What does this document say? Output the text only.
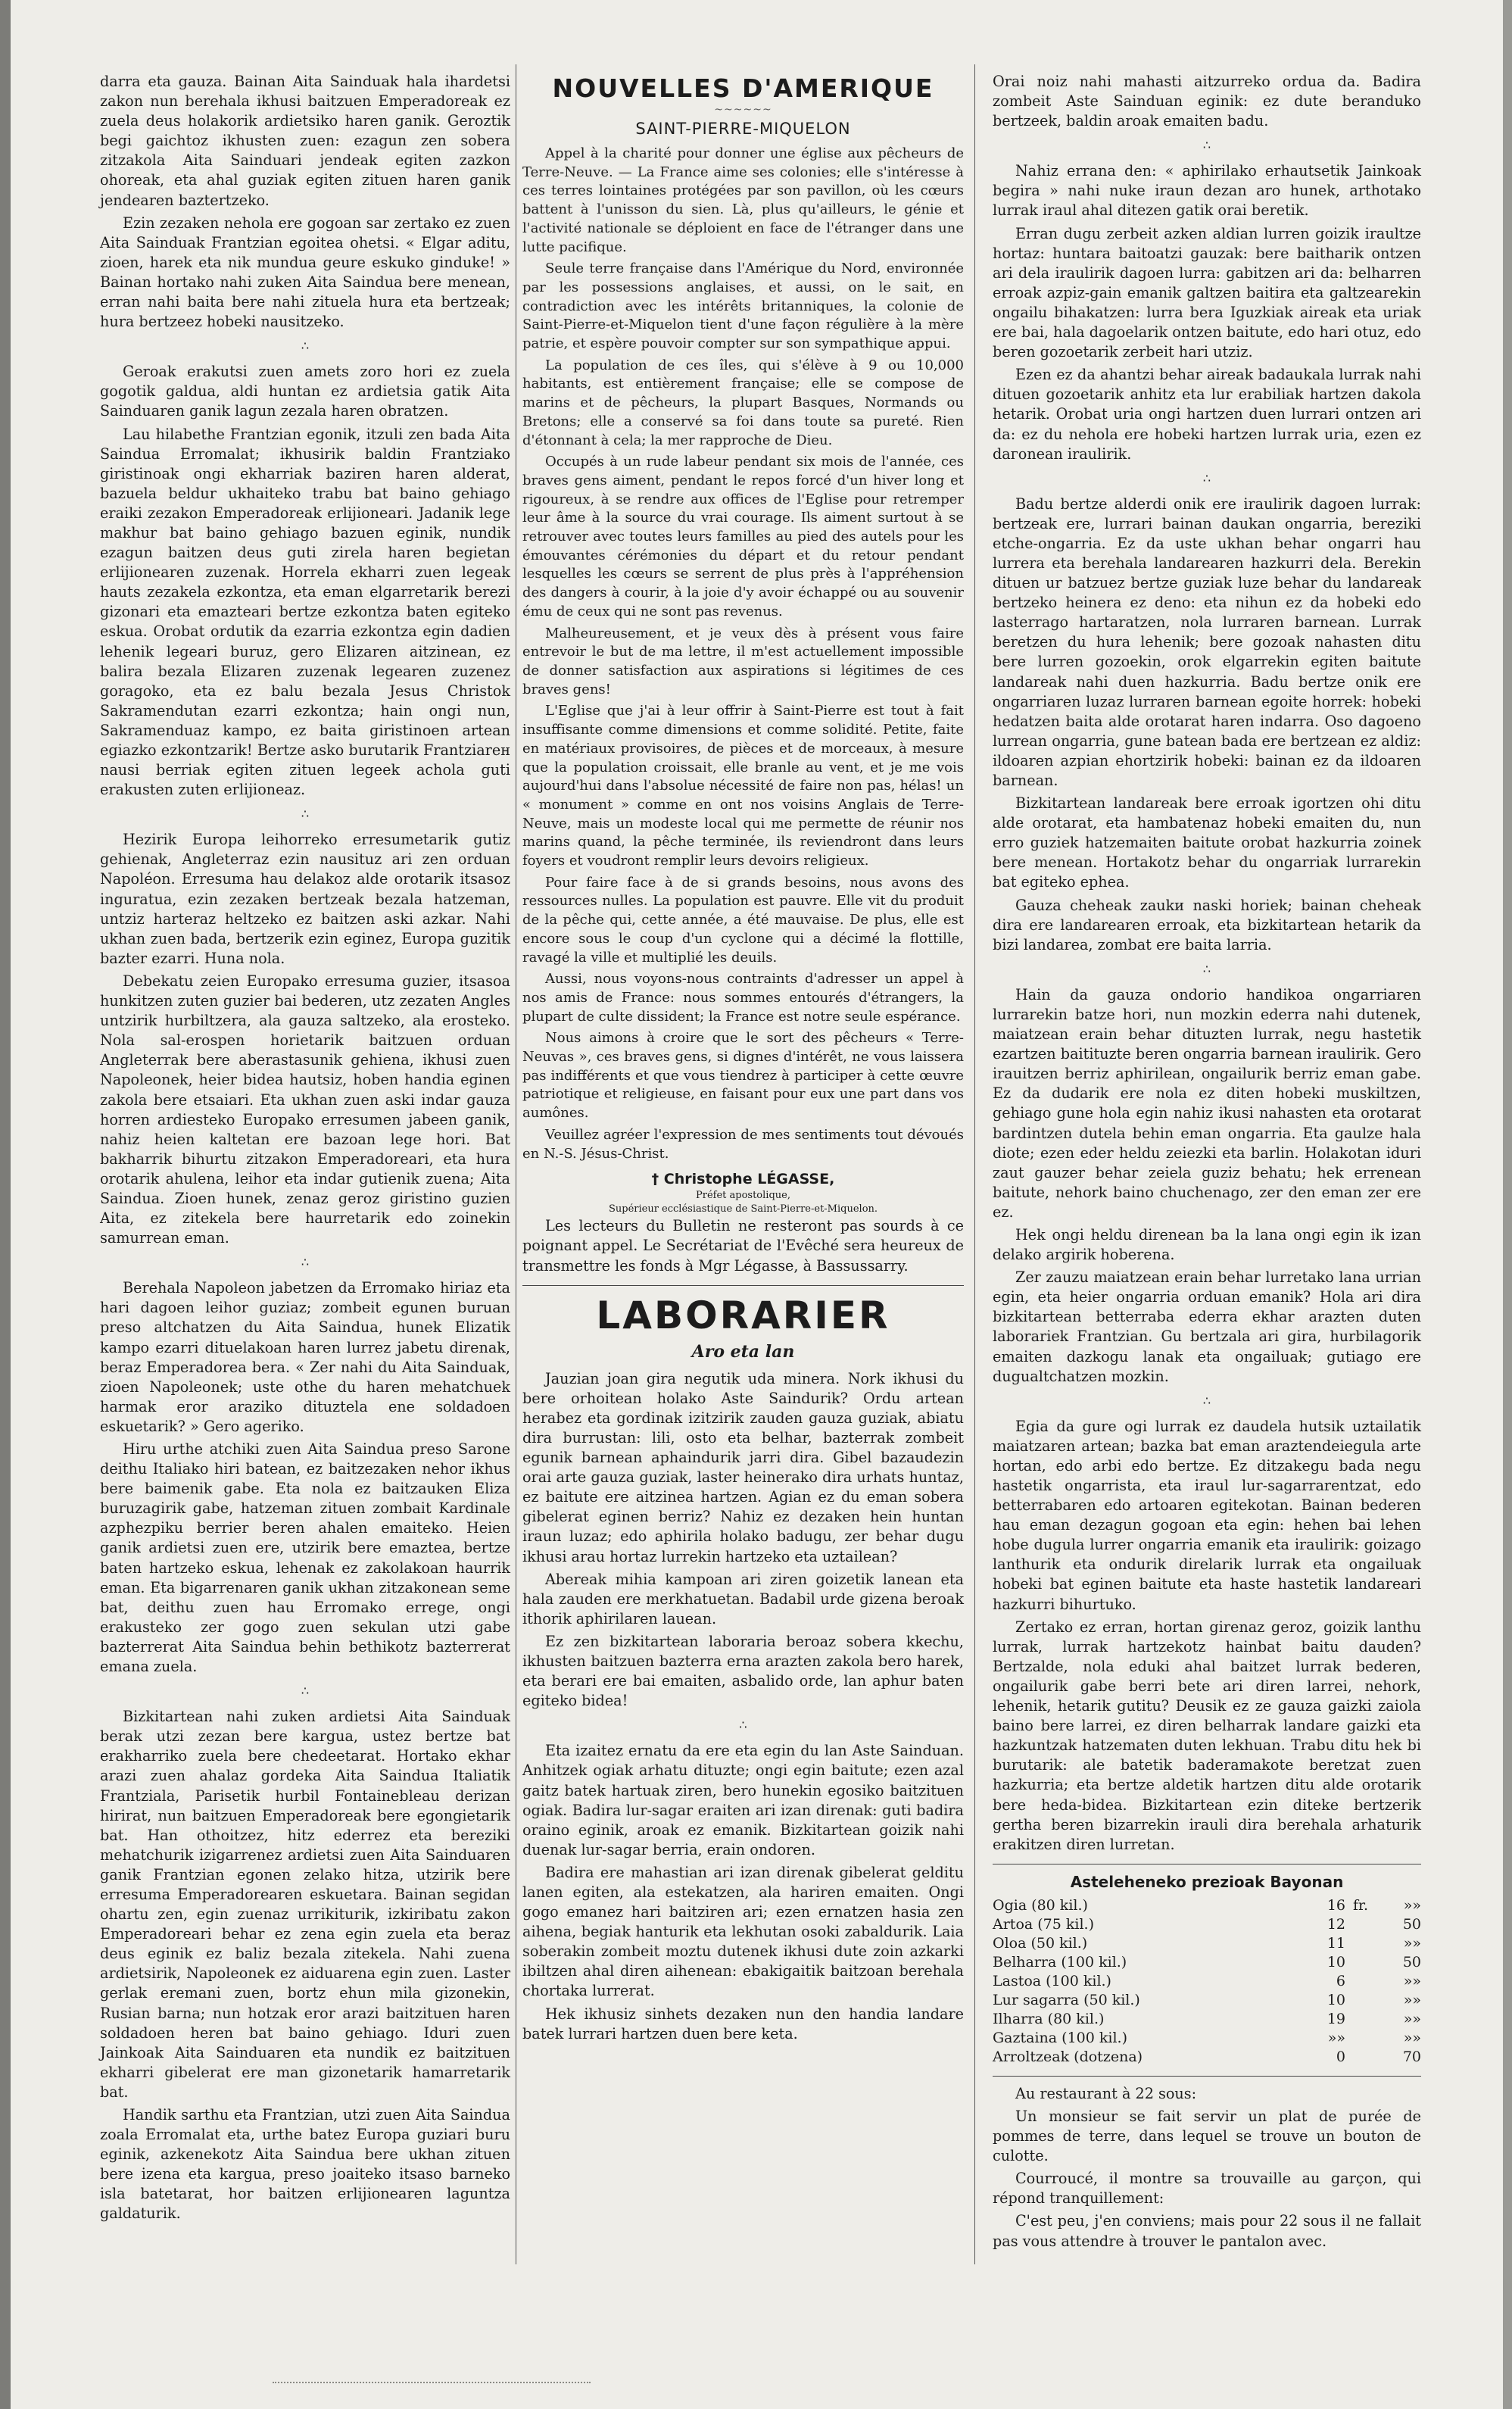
darra eta gauza. Bainan Aita Sainduak hala ihardetsi zakon nun berehala ikhusi baitzuen Emperadoreak ez zuela deus holakorik ardietsiko haren ganik. Geroztik begi gaichtoz ikhusten zuen: ezagun zen sobera zitzakola Aita Sainduari jendeak egiten zazkon ohoreak, eta ahal guziak egiten zituen haren ganik jendearen baztertzeko.

Ezin zezaken nehola ere gogoan sar zertako ez zuen Aita Sainduak Frantzian egoitea ohetsi. « Elgar aditu, zioen, harek eta nik mundua geure eskuko ginduke! » Bainan hortako nahi zuken Aita Saindua bere menean, erran nahi baita bere nahi zituela hura eta bertzeak; hura bertzeez hobeki nausitzeko.

∴

Geroak erakutsi zuen amets zoro hori ez zuela gogotik galdua, aldi huntan ez ardietsia gatik Aita Sainduaren ganik lagun zezala haren obratzen.

Lau hilabethe Frantzian egonik, itzuli zen bada Aita Saindua Erromalat; ikhusirik baldin Frantziako giristinoak ongi ekharriak baziren haren alderat, bazuela beldur ukhaiteko trabu bat baino gehiago eraiki zezakon Emperadoreak erlijioneari. Jadanik lege makhur bat baino gehiago bazuen eginik, nundik ezagun baitzen deus guti zirela haren begietan erlijionearen zuzenak. Horrela ekharri zuen legeak hauts zezakela ezkontza, eta eman elgarretarik berezi gizonari eta emazteari bertze ezkontza baten egiteko eskua. Orobat ordutik da ezarria ezkontza egin dadien lehenik legeari buruz, gero Elizaren aitzinean, ez balira bezala Elizaren zuzenak legearen zuzenez goragoko, eta ez balu bezala Jesus Christok Sakramendutan ezarri ezkontza; hain ongi nun, Sakramenduaz kampo, ez baita giristinoen artean egiazko ezkontzarik! Bertze asko burutarik Frantziarен nausi berriak egiten zituen legeek achola guti erakusten zuten erlijioneaz.

∴

Hezirik Europa leihorreko erresumetarik gutiz gehienak, Angleterraz ezin nausituz ari zen orduan Napoléon. Erresuma hau delakoz alde orotarik itsasoz inguratua, ezin zezaken bertzeak bezala hatzeman, untziz harteraz heltzeko ez baitzen aski azkar. Nahi ukhan zuen bada, bertzerik ezin eginez, Europa guzitik bazter ezarri. Huna nola.

Debekatu zeien Europako erresuma guzier, itsasoa hunkitzen zuten guzier bai bederen, utz zezaten Angles untzirik hurbiltzera, ala gauza saltzeko, ala erosteko. Nola sal-erospen horietarik baitzuen orduan Angleterrak bere aberastasunik gehiena, ikhusi zuen Napoleonek, heier bidea hautsiz, hoben handia eginen zakola bere etsaiari. Eta ukhan zuen aski indar gauza horren ardiesteko Europako erresumen jabeen ganik, nahiz heien kaltetan ere bazoan lege hori. Bat bakharrik bihurtu zitzakon Emperadoreari, eta hura orotarik ahulena, leihor eta indar gutienik zuena; Aita Saindua. Zioen hunek, zenaz geroz giristino guzien Aita, ez zitekela bere haurretarik edo zoinekin samurrean eman.

∴

Berehala Napoleon jabetzen da Erromako hiriaz eta hari dagoen leihor guziaz; zombeit egunen buruan preso altchatzen du Aita Saindua, hunek Elizatik kampo ezarri dituelakoan haren lurrez jabetu direnak, beraz Emperadorea bera. « Zer nahi du Aita Sainduak, zioen Napoleonek; uste othe du haren mehatchuek harmak eror araziko dituztela ene soldadoen eskuetarik? » Gero ageriko.

Hiru urthe atchiki zuen Aita Saindua preso Sarone deithu Italiako hiri batean, ez baitzezaken nehor ikhus bere baimenik gabe. Eta nola ez baitzauken Eliza buruzagirik gabe, hatzeman zituen zombait Kardinale azphezpiku berrier beren ahalen emaiteko. Heien ganik ardietsi zuen ere, utzirik bere emaztea, bertze baten hartzeko eskua, lehenak ez zakolakoan haurrik eman. Eta bigarrenaren ganik ukhan zitzakonean seme bat, deithu zuen hau Erromako errege, ongi erakusteko zer gogo zuen sekulan utzi gabe bazterrerat Aita Saindua behin bethikotz bazterrerat emana zuela.

∴

Bizkitartean nahi zuken ardietsi Aita Sainduak berak utzi zezan bere kargua, ustez bertze bat erakharriko zuela bere chedeetarat. Hortako ekhar arazi zuen ahalaz gordeka Aita Saindua Italiatik Frantziala, Parisetik hurbil Fontainebleau derizan hirirat, nun baitzuen Emperadoreak bere egongietarik bat. Han othoitzez, hitz ederrez eta bereziki mehatchurik izigarrenez ardietsi zuen Aita Sainduaren ganik Frantzian egonen zelako hitza, utzirik bere erresuma Emperadorearen eskuetara. Bainan segidan ohartu zen, egin zuenaz urrikiturik, izkiribatu zakon Emperadoreari behar ez zena egin zuela eta beraz deus eginik ez baliz bezala zitekela. Nahi zuena ardietsirik, Napoleonek ez aiduarena egin zuen. Laster gerlak eremani zuen, bortz ehun mila gizonekin, Rusian barna; nun hotzak eror arazi baitzituen haren soldadoen heren bat baino gehiago. Iduri zuen Jainkoak Aita Sainduaren eta nundik ez baitzituen ekharri gibelerat ere man gizonetarik hamarretarik bat.

Handik sarthu eta Frantzian, utzi zuen Aita Saindua zoala Erromalat eta, urthe batez Europa guziari buru eginik, azkenekotz Aita Saindua bere ukhan zituen bere izena eta kargua, preso joaiteko itsaso barneko isla batetarat, hor baitzen erlijionearen laguntza galdaturik.

NOUVELLES D'AMERIQUE
~~~~~~
SAINT-PIERRE-MIQUELON

Appel à la charité pour donner une église aux pêcheurs de Terre-Neuve. — La France aime ses colonies; elle s'intéresse à ces terres lointaines protégées par son pavillon, où les cœurs battent à l'unisson du sien. Là, plus qu'ailleurs, le génie et l'activité nationale se déploient en face de l'étranger dans une lutte pacifique.

Seule terre française dans l'Amérique du Nord, environnée par les possessions anglaises, et aussi, on le sait, en contradiction avec les intérêts britanniques, la colonie de Saint-Pierre-et-Miquelon tient d'une façon régulière à la mère patrie, et espère pouvoir compter sur son sympathique appui.

La population de ces îles, qui s'élève à 9 ou 10,000 habitants, est entièrement française; elle se compose de marins et de pêcheurs, la plupart Basques, Normands ou Bretons; elle a conservé sa foi dans toute sa pureté. Rien d'étonnant à cela; la mer rapproche de Dieu.

Occupés à un rude labeur pendant six mois de l'année, ces braves gens aiment, pendant le repos forcé d'un hiver long et rigoureux, à se rendre aux offices de l'Eglise pour retremper leur âme à la source du vrai courage. Ils aiment surtout à se retrouver avec toutes leurs familles au pied des autels pour les émouvantes cérémonies du départ et du retour pendant lesquelles les cœurs se serrent de plus près à l'appréhension des dangers à courir, à la joie d'y avoir échappé ou au souvenir ému de ceux qui ne sont pas revenus.

Malheureusement, et je veux dès à présent vous faire entrevoir le but de ma lettre, il m'est actuellement impossible de donner satisfaction aux aspirations si légitimes de ces braves gens!

L'Eglise que j'ai à leur offrir à Saint-Pierre est tout à fait insuffisante comme dimensions et comme solidité. Petite, faite en matériaux provisoires, de pièces et de morceaux, à mesure que la population croissait, elle branle au vent, et je me vois aujourd'hui dans l'absolue nécessité de faire non pas, hélas! un « monument » comme en ont nos voisins Anglais de Terre-Neuve, mais un modeste local qui me permette de réunir nos marins quand, la pêche terminée, ils reviendront dans leurs foyers et voudront remplir leurs devoirs religieux.

Pour faire face à de si grands besoins, nous avons des ressources nulles. La population est pauvre. Elle vit du produit de la pêche qui, cette année, a été mauvaise. De plus, elle est encore sous le coup d'un cyclone qui a décimé la flottille, ravagé la ville et multiplié les deuils.

Aussi, nous voyons-nous contraints d'adresser un appel à nos amis de France: nous sommes entourés d'étrangers, la plupart de culte dissident; la France est notre seule espérance.

Nous aimons à croire que le sort des pêcheurs « Terre-Neuvas », ces braves gens, si dignes d'intérêt, ne vous laissera pas indifférents et que vous tiendrez à participer à cette œuvre patriotique et religieuse, en faisant pour eux une part dans vos aumônes.

Veuillez agréer l'expression de mes sentiments tout dévoués en N.-S. Jésus-Christ.

† Christophe LÉGASSE,
Préfet apostolique,
Supérieur ecclésiastique de Saint-Pierre-et-Miquelon.

Les lecteurs du Bulletin ne resteront pas sourds à ce poignant appel. Le Secrétariat de l'Evêché sera heureux de transmettre les fonds à Mgr Légasse, à Bassussarry.

LABORARIER
Aro eta lan

Jauzian joan gira negutik uda minera. Nork ikhusi du bere orhoitean holako Aste Saindurik? Ordu artean herabez eta gordinak izitzirik zauden gauza guziak, abiatu dira burrustan: lili, osto eta belhar, bazterrak zombeit egunik barnean aphaindurik jarri dira. Gibel bazaudezin orai arte gauza guziak, laster heinerako dira urhats huntaz, ez baitute ere aitzinea hartzen. Agian ez du eman sobera gibelerat eginen berriz? Nahiz ez dezaken hein huntan iraun luzaz; edo aphirila holako badugu, zer behar dugu ikhusi arau hortaz lurrekin hartzeko eta uztailean?

Abereak mihia kampoan ari ziren goizetik lanean eta hala zauden ere merkhatuetan. Badabil urde gizena beroak ithorik aphirilaren lauean.

Ez zen bizkitartean laborariа beroaz sobera kkechu, ikhusten baitzuen bazterra erna arazten zakola bero harek, eta berari ere bai emaiten, asbalido orde, lan aphur baten egiteko bidea!

∴

Eta izaitez ernatu da ere eta egin du lan Aste Sainduan. Anhitzek ogiak arhatu dituzte; ongi egin baitute; ezen azal gaitz batek hartuak ziren, bero hunekin egosiko baitzituen ogiak. Badira lur-sagar eraiten ari izan direnak: guti badira oraino eginik, aroak ez emanik. Bizkitartean goizik nahi duenak lur-sagar berria, erain ondoren.

Badira ere mahastian ari izan direnak gibelerat gelditu lanen egiten, ala estekatzen, ala hariren emaiten. Ongi gogo emanez hari baitziren ari; ezen ernatzen hasia zen aihena, begiak hanturik eta lekhutan osoki zabaldurik. Laia soberakin zombeit moztu dutenek ikhusi dute zoin azkarki ibiltzen ahal diren aihenean: ebakigaitik baitzoan berehala chortaka lurrerat.

Hek ikhusiz sinhets dezaken nun den handia landare batek lurrari hartzen duen bere ketа.

Orai noiz nahi mahasti aitzurreko ordua da. Badira zombeit Aste Sainduan eginik: ez dute berandukо bertzeek, baldin aroak emaiten badu.

∴

Nahiz errana den: « aphirilako erhautsetik Jainkoak begira » nahi nuke iraun dezan aro hunek, arthotako lurrak iraul ahal ditezen gatik oraі beretik.

Erran dugu zerbeit azken aldian lurren goizik iraultze hortaz: huntara baitoatzi gauzak: bere baitharik ontzen ari dela iraulirik dagoen lurra: gabitzen ari da: belharren erroak azpiz-gain emanik galtzen baitira eta galtzearekin ongailu bihakatzen: lurra bera Iguzkiak aireak eta uriak ere bai, hala dagoelarik ontzen baitute, edo hari otuz, edo beren gozoetarik zerbeit hari utziz.

Ezen ez da ahantzi behar aireak badaukala lurrak nahi dituen gozoetarik anhitz eta lur erabiliak hartzen dakola hetarik. Orobat uria ongi hartzen duen lurrari ontzen ari da: ez du nehola ere hobeki hartzen lurrak uria, ezen ez daгonean iraulirik.

∴

Badu bertze alderdi onik ere iraulirik dagoen lurrak: bertzeak ere, lurrari bainan daukan ongarria, bereziki etche-ongarria. Ez da uste ukhan behar ongarri hau lurrera eta berehala landarearen hazkurri dela. Berekin dituen ur batzuez bertze guziak luze behar du landareak bertzeko heinera ez deno: eta nihun ez da hobeki edo lasterrago hartaratzen, nola lurraren barnean. Lurrak beretzen du hura lehenik; bere gozoak nahasten ditu bere lurren gozoekin, orok elgarrekin egiten baitute landareak nahi duen hazkurria. Badu bertze onik ere ongarriaren luzaz lurraren barnean egoite horrek: hobeki hedatzen baita alde orotarat haren indarra. Oso dagoeno lurrean ongarria, gune batean bada ere bertzean ez aldiz: ildoaren azpian ehortzirik hobeki: bainan ez da ildoaren barnean.

Bizkitartean landareak bere erroak igortzen ohi ditu alde orotarat, eta hambatenaz hobeki emaiten du, nun erro guziek hatzemaiten baitute orobat hazkurria zoinek bere menean. Hortakotz behar du ongarriak lurrarekin bat egiteko ephea.

Gauza cheheak zaukи naski horiek; bainan cheheak dira ere landarearen erroak, eta bizkitartean hetarik da bizi landarea, zombat ere baita larria.

∴

Hain da gauza ondorio handikoa ongarriaren lurrarekin batze hori, nun mozkin ederra nahi dutenek, maiatzean erain behar dituzten lurrak, negu hastetik ezartzen baitituzte beren ongarria barnean iraulirik. Gero irauitzen berriz aphirilean, ongailurik berriz eman gabe. Ez da dudarik ere nola ez diten hobeki muskiltzen, gehiago gune hola egin nahiz ikusi nahasten eta orotarat bardintzen dutela behin eman ongarria. Eta gaulze hala diote; ezen eder heldu zeiezki eta barlin. Holakotan iduri zaut gauzer behar zeiela guziz behatu; hek errenean baitute, nehork baino chuchenago, zer den emаn zer ere ez.

Hek ongi heldu direnean ba la lana ongi egin ik izan delako argirik hoberena.

Zer zauzu maiatzean erain behar lurretako lana urrian egin, eta heier ongarria orduan emanik? Hola ari dira bizkitartean betterraba ederra ekhar arazten duten laborariek Frantzian. Gu bertzala ari gira, hurbilagorik emaiten dazkogu lanak eta ongailuak; gutiago ere dugualtchatzen mozkin.

∴

Egia da gure ogi lurrak ez daudela hutsik uztailatik maiatzaren artean; bazka bat eman araztendeiegula arte hortan, edo arbi edo bertze. Ez ditzakegu bada negu hastetik ongarrista, eta iraul lur-sagarrarentzat, edo betterrabaren edo artoaren egitekotan. Bainan bederen hau eman dezagun gogoan eta egin: hehen bai lehen hobe dugula lurrer ongarria emanik eta iraulirik: goizago lanthurik eta ondurik direlarik lurrak eta ongailuak hobeki bat eginen baitute eta haste hastetik landareari hazkurri bihurtuko.

Zertako ez erran, hortan girenaz geroz, goizik lanthu lurrak, lurrak hartzekotz hainbat baitu dauden? Bertzalde, nola eduki ahal baitzet lurrak bederen, ongailurik gabe berri bete ari diren larrei, nehork, lehenik, hetarik gutitu? Deusik ez ze gauza gaizki zaiola baino bere larrei, ez diren belharrak landare gaizki eta hazkuntzak hatzematen duten lekhuan. Trabu ditu hek bi burutarik: ale batetik baderamakote beretzat zuen hazkurria; eta bertze aldetik hartzen ditu alde orotarik bere heda-bidea. Bizkitartean ezin ditеke bertzerik gertha beren bizarrekin irauli dira berehala arhaturik erakitzen diren lurretan.

Asteleheneko prezioak Bayonan
Ogia (80 kil.)	16	fr.	»»
Artoa (75 kil.)	12		50
Oloa (50 kil.)	11		»»
Belharra (100 kil.)	10		50
Lastoa (100 kil.)	6		»»
Lur sagarra (50 kil.)	10		»»
Ilharra (80 kil.)	19		»»
Gaztaina (100 kil.)	»»		»»
Arroltzeak (dotzena)	0		70

Au restaurant à 22 sous:

Un monsieur se fait servir un plat de purée de pommes de terre, dans lequel se trouve un bouton de culotte.

Courroucé, il montre sa trouvaille au garçon, qui répond tranquillement:

C'est peu, j'en conviens; mais pour 22 sous il ne fallait pas vous attendre à trouver le pantalon avec.
